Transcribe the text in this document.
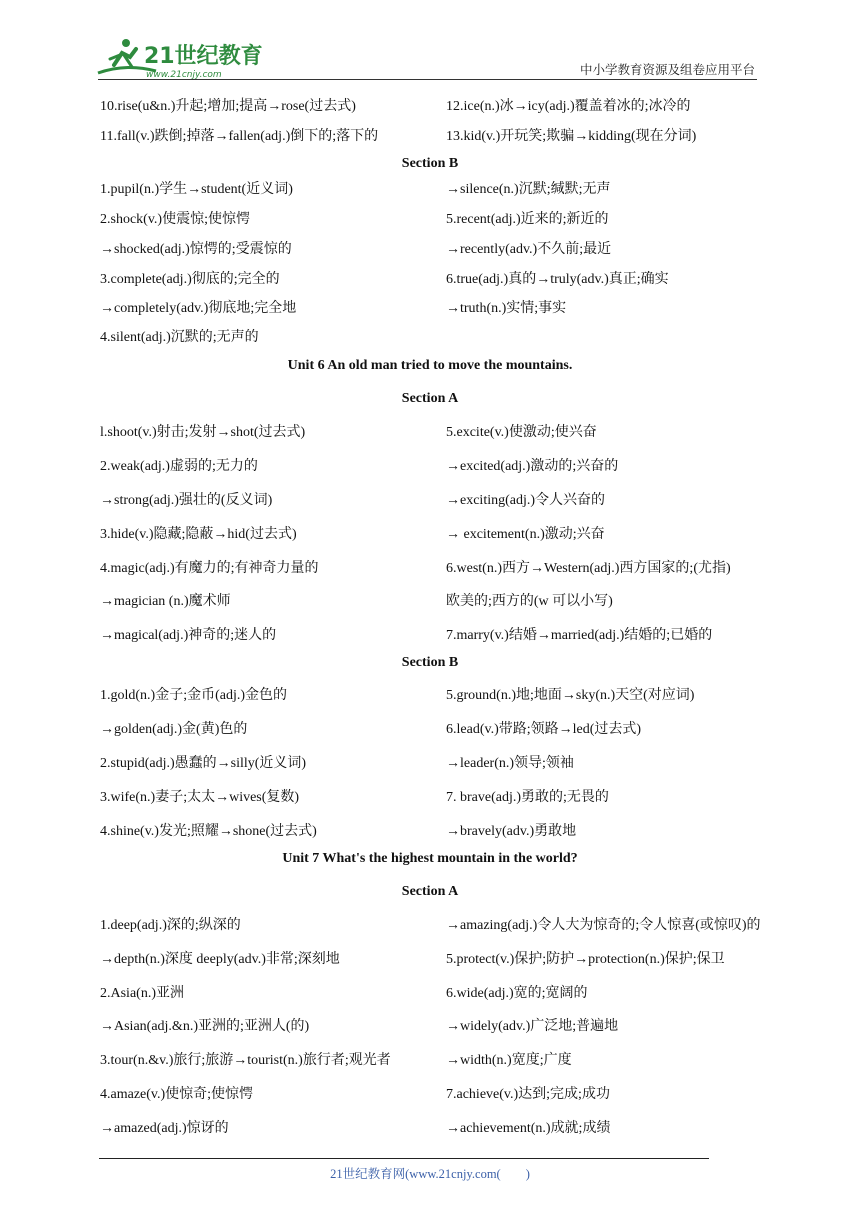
21世纪教育
www.21cnjy.com	中小学教育资源及组卷应用平台
10.rise(u&n.)升起;增加;提高→rose(过去式)	12.ice(n.)冰→icy(adj.)覆盖着冰的;冰冷的
11.fall(v.)跌倒;掉落→fallen(adj.)倒下的;落下的	13.kid(v.)开玩笑;欺骗→kidding(现在分词)
Section B
1.pupil(n.)学生→student(近义词)	→silence(n.)沉默;缄默;无声
2.shock(v.)使震惊;使惊愕	5.recent(adj.)近来的;新近的
→shocked(adj.)惊愕的;受震惊的	→recently(adv.)不久前;最近
3.complete(adj.)彻底的;完全的	6.true(adj.)真的→truly(adv.)真正;确实
→completely(adv.)彻底地;完全地	→truth(n.)实情;事实
4.silent(adj.)沉默的;无声的
Unit 6 An old man tried to move the mountains.
Section A
l.shoot(v.)射击;发射→shot(过去式)	5.excite(v.)使激动;使兴奋
2.weak(adj.)虚弱的;无力的	→excited(adj.)激动的;兴奋的
→strong(adj.)强壮的(反义词)	→exciting(adj.)令人兴奋的
3.hide(v.)隐藏;隐蔽→hid(过去式)	→ excitement(n.)激动;兴奋
4.magic(adj.)有魔力的;有神奇力量的	6.west(n.)西方→Western(adj.)西方国家的;(尤指)
→magician (n.)魔术师	欧美的;西方的(w 可以小写)
→magical(adj.)神奇的;迷人的	7.marry(v.)结婚→married(adj.)结婚的;已婚的
Section B
1.gold(n.)金子;金币(adj.)金色的	5.ground(n.)地;地面→sky(n.)天空(对应词)
→golden(adj.)金(黄)色的	6.lead(v.)带路;领路→led(过去式)
2.stupid(adj.)愚蠢的→silly(近义词)	→leader(n.)领导;领袖
3.wife(n.)妻子;太太→wives(复数)	7. brave(adj.)勇敢的;无畏的
4.shine(v.)发光;照耀→shone(过去式)	→bravely(adv.)勇敢地
Unit 7 What's the highest mountain in the world?
Section A
1.deep(adj.)深的;纵深的	→amazing(adj.)令人大为惊奇的;令人惊喜(或惊叹)的
→depth(n.)深度 deeply(adv.)非常;深刻地	5.protect(v.)保护;防护→protection(n.)保护;保卫
2.Asia(n.)亚洲	6.wide(adj.)宽的;宽阔的
→Asian(adj.&n.)亚洲的;亚洲人(的)	→widely(adv.)广泛地;普遍地
3.tour(n.&v.)旅行;旅游→tourist(n.)旅行者;观光者	→width(n.)宽度;广度
4.amaze(v.)使惊奇;使惊愕	7.achieve(v.)达到;完成;成功
→amazed(adj.)惊讶的	→achievement(n.)成就;成绩
21世纪教育网(www.21cnjy.com(　　)
